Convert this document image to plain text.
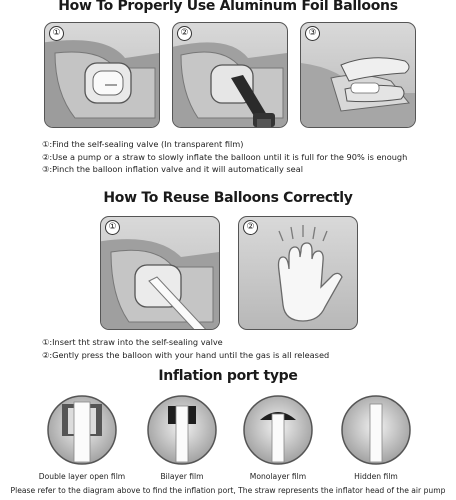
How To Properly Use Aluminum Foil Balloons
①	②	③
①:Find the self-sealing valve (In transparent film)
②:Use a pump or a straw to slowly inflate the balloon until it is full for the 90% is enough
③:Pinch the balloon inflation valve and it will automatically seal
How To Reuse Balloons Correctly
①	②
①:Insert tht straw into the self-sealing valve
②:Gently press the balloon with your hand until the gas is all released
Inflation port type
Double layer open film	Bilayer film	Monolayer film	Hidden film
Please refer to the diagram above to find the inflation port, The straw represents the inflator head of the air pump
